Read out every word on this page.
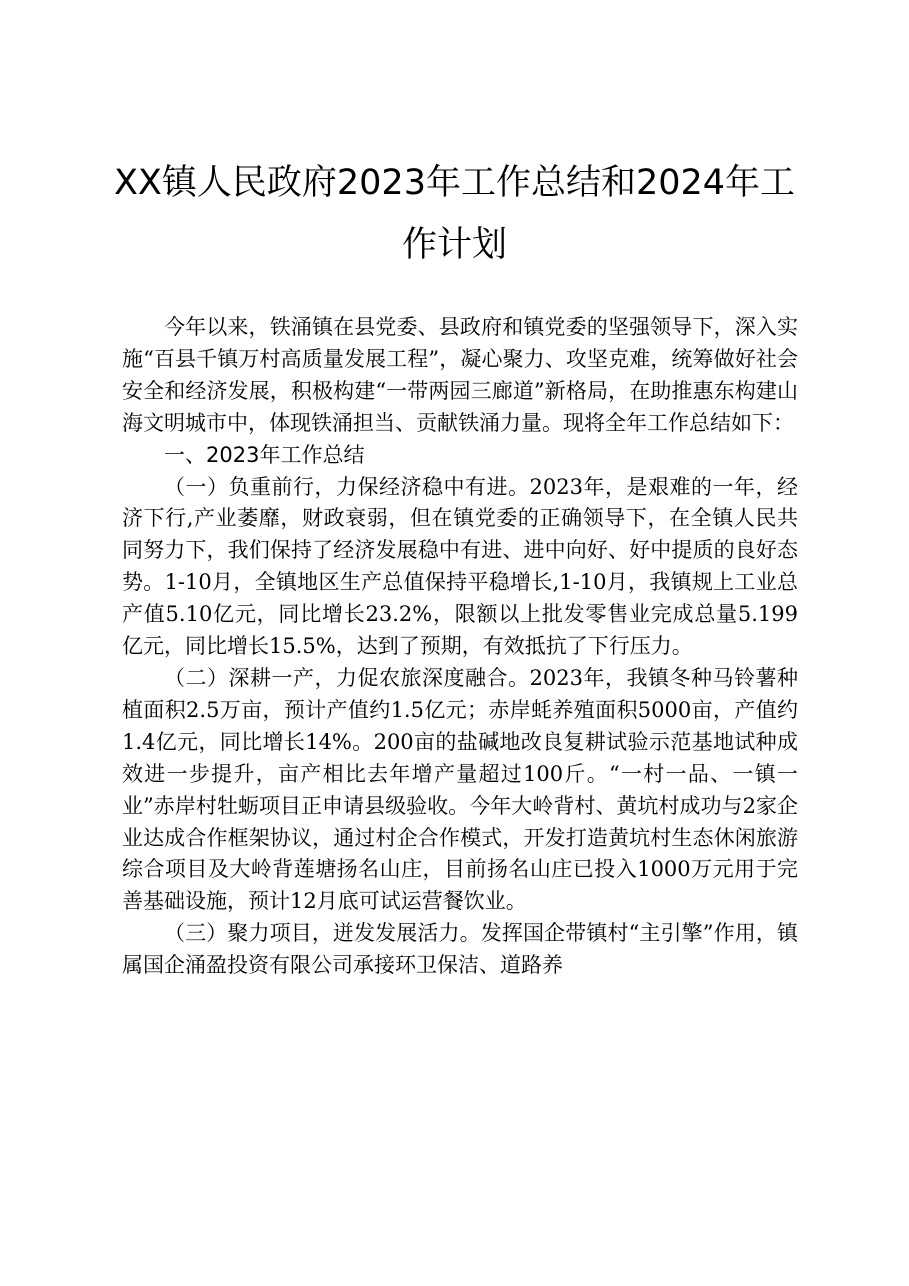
XX镇人民政府2023年工作总结和2024年工作计划

今年以来，铁涌镇在县党委、县政府和镇党委的坚强领导下，深入实施“百县千镇万村高质量发展工程”，凝心聚力、攻坚克难，统筹做好社会安全和经济发展，积极构建“一带两园三廊道”新格局，在助推惠东构建山海文明城市中，体现铁涌担当、贡献铁涌力量。现将全年工作总结如下：

一、2023年工作总结

（一）负重前行，力保经济稳中有进。2023年，是艰难的一年，经济下行,产业萎靡，财政衰弱，但在镇党委的正确领导下，在全镇人民共同努力下，我们保持了经济发展稳中有进、进中向好、好中提质的良好态势。1-10月，全镇地区生产总值保持平稳增长,1-10月，我镇规上工业总产值5.10亿元，同比增长23.2%，限额以上批发零售业完成总量5.199亿元，同比增长15.5%，达到了预期，有效抵抗了下行压力。

（二）深耕一产，力促农旅深度融合。2023年，我镇冬种马铃薯种植面积2.5万亩，预计产值约1.5亿元；赤岸蚝养殖面积5000亩，产值约1.4亿元，同比增长14%。200亩的盐碱地改良复耕试验示范基地试种成效进一步提升，亩产相比去年增产量超过100斤。“一村一品、一镇一业”赤岸村牡蛎项目正申请县级验收。今年大岭背村、黄坑村成功与2家企业达成合作框架协议，通过村企合作模式，开发打造黄坑村生态休闲旅游综合项目及大岭背莲塘扬名山庄，目前扬名山庄已投入1000万元用于完善基础设施，预计12月底可试运营餐饮业。

（三）聚力项目，迸发发展活力。发挥国企带镇村“主引擎”作用，镇属国企涌盈投资有限公司承接环卫保洁、道路养
